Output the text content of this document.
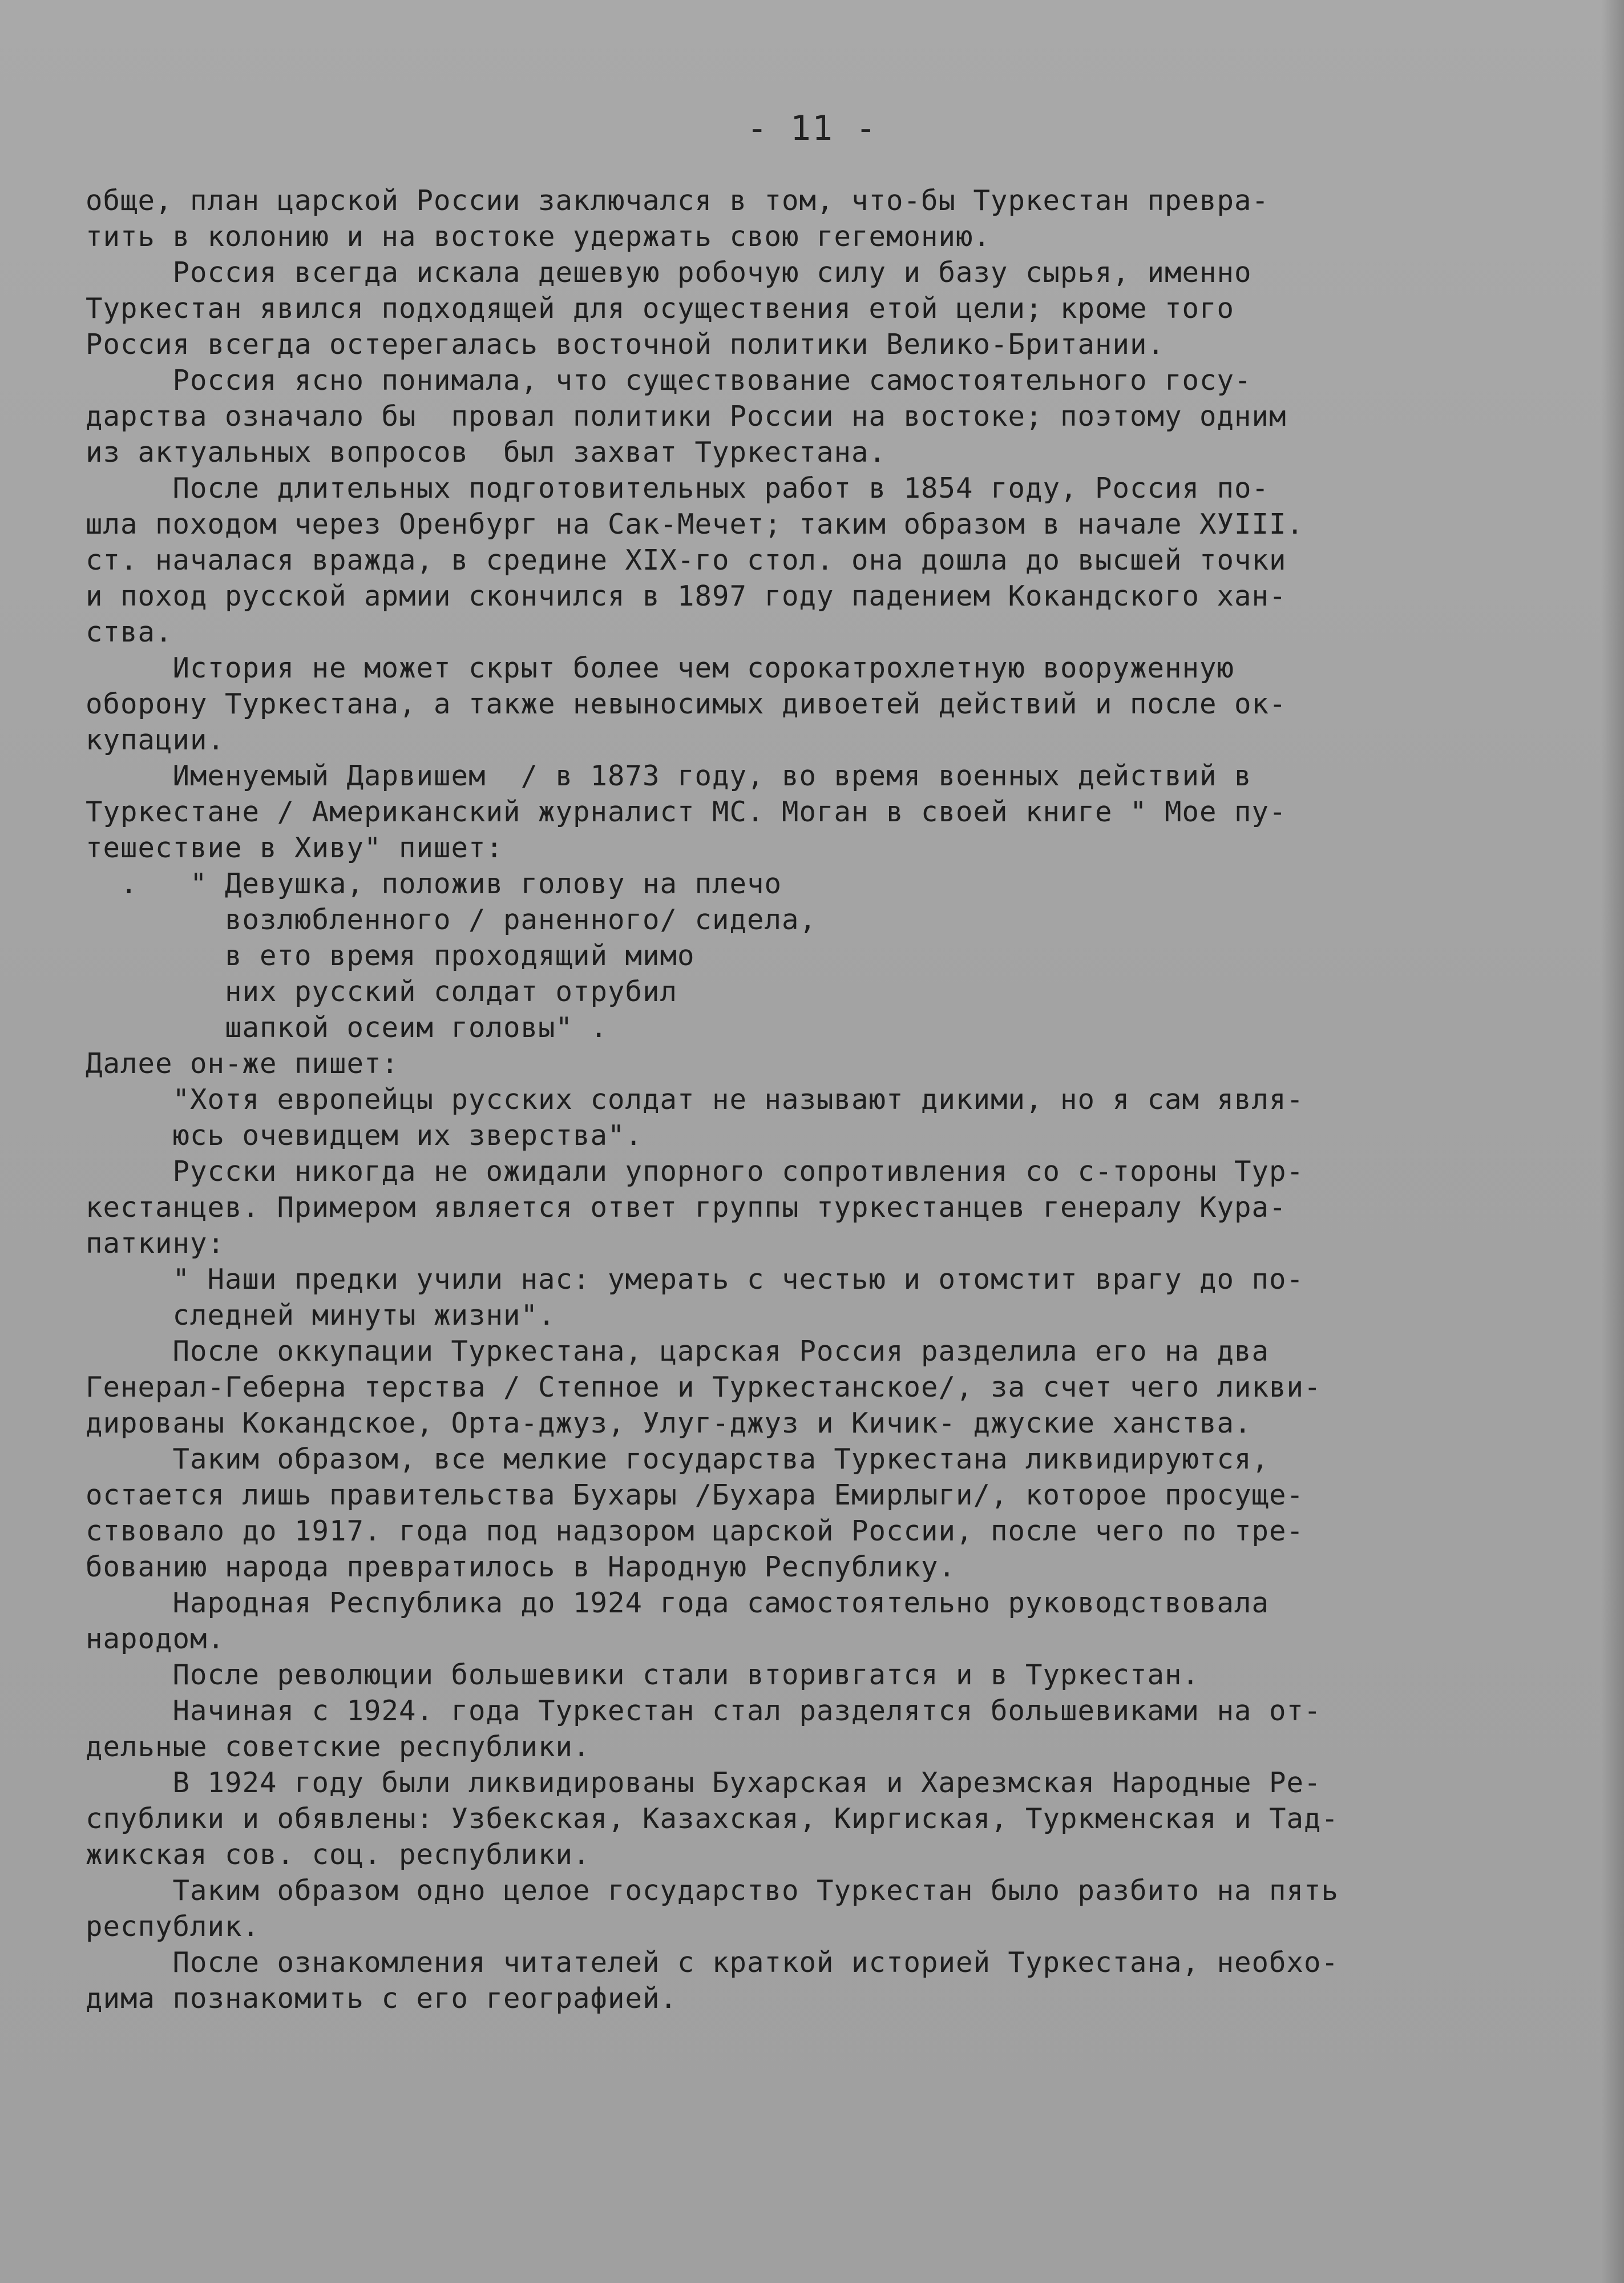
- 11 -
обще, план царской России заключался в том, что-бы Туркестан превра-
тить в колонию и на востоке удержать свою гегемонию.
Россия всегда искала дешевую робочую силу и базу сырья, именно
Туркестан явился подходящей для осуществения етой цели; кроме того
Россия всегда остерегалась восточной политики Велико-Британии.
Россия ясно понимала, что существование самостоятельного госу-
дарства означало бы  провал политики России на востоке; поэтому одним
из актуальных вопросов  был захват Туркестана.
После длительных подготовительных работ в 1854 году, Россия по-
шла походом через Оренбург на Сак-Мечет; таким образом в начале ХУIII.
ст. началася вражда, в средине XIX-го стол. она дошла до высшей точки
и поход русской армии скончился в 1897 году падением Кокандского хан-
ства.
История не может скрыт более чем сорокатрохлетную вооруженную
оборону Туркестана, а также невыносимых дивоетей действий и после ок-
купации.
Именуемый Дарвишем  / в 1873 году, во время военных действий в
Туркестане / Американский журналист МС. Моган в своей книге " Мое пу-
тешествие в Хиву" пишет:
.   " Девушка, положив голову на плечо
возлюбленного / раненного/ сидела,
в ето время проходящий мимо
них русский солдат отрубил
шапкой осеим головы" .
Далее он-же пишет:
"Хотя европейцы русских солдат не называют дикими, но я сам явля-
юсь очевидцем их зверства".
Русски никогда не ожидали упорного сопротивления со с-тороны Тур-
кестанцев. Примером является ответ группы туркестанцев генералу Кура-
паткину:
" Наши предки учили нас: умерать с честью и отомстит врагу до по-
следней минуты жизни".
После оккупации Туркестана, царская Россия разделила его на два
Генерал-Геберна терства / Степное и Туркестанское/, за счет чего ликви-
дированы Кокандское, Орта-джуз, Улуг-джуз и Кичик- джуские ханства.
Таким образом, все мелкие государства Туркестана ликвидируются,
остается лишь правительства Бухары /Бухара Емирлыги/, которое просуще-
ствовало до 1917. года под надзором царской России, после чего по тре-
бованию народа превратилось в Народную Республику.
Народная Республика до 1924 года самостоятельно руководствовала
народом.
После революции большевики стали вторивгатся и в Туркестан.
Начиная с 1924. года Туркестан стал разделятся большевиками на от-
дельные советские республики.
В 1924 году были ликвидированы Бухарская и Харезмская Народные Ре-
спублики и обявлены: Узбекская, Казахская, Киргиская, Туркменская и Тад-
жикская сов. соц. республики.
Таким образом одно целое государство Туркестан было разбито на пять
республик.
После ознакомления читателей с краткой историей Туркестана, необхо-
дима познакомить с его географией.
